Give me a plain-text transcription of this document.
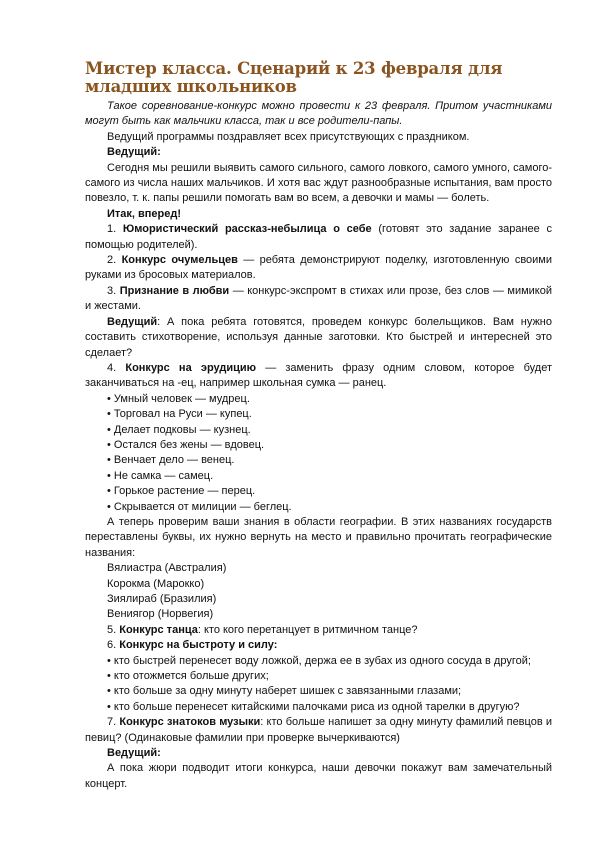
Мистер класса. Сценарий к 23 февраля для младших школьников

Такое соревнование-конкурс можно провести к 23 февраля. Притом участниками могут быть как мальчики класса, так и все родители-папы.

Ведущий программы поздравляет всех присутствующих с праздником.

Ведущий:

Сегодня мы решили выявить самого сильного, самого ловкого, самого умного, самого-самого из числа наших мальчиков. И хотя вас ждут разнообразные испытания, вам просто повезло, т. к. папы решили помогать вам во всем, а девочки и мамы — болеть.

Итак, вперед!

1. Юмористический рассказ-небылица о себе (готовят это задание заранее с помощью родителей).

2. Конкурс очумельцев — ребята демонстрируют поделку, изготовленную своими руками из бросовых материалов.

3. Признание в любви — конкурс-экспромт в стихах или прозе, без слов — мимикой и жестами.

Ведущий: А пока ребята готовятся, проведем конкурс болельщиков. Вам нужно составить стихотворение, используя данные заготовки. Кто быстрей и интересней это сделает?

4. Конкурс на эрудицию — заменить фразу одним словом, которое будет заканчиваться на -ец, например школьная сумка — ранец.

• Умный человек — мудрец.

• Торговал на Руси — купец.

• Делает подковы — кузнец.

• Остался без жены — вдовец.

• Венчает дело — венец.

• Не самка — самец.

• Горькое растение — перец.

• Скрывается от милиции — беглец.

А теперь проверим ваши знания в области географии. В этих названиях государств переставлены буквы, их нужно вернуть на место и правильно прочитать географические названия:

Вялиастра (Австралия)

Корокма (Марокко)

Зиялираб (Бразилия)

Вениягор (Норвегия)

5. Конкурс танца: кто кого перетанцует в ритмичном танце?

6. Конкурс на быстроту и силу:

• кто быстрей перенесет воду ложкой, держа ее в зубах из одного сосуда в другой;

• кто отожмется больше других;

• кто больше за одну минуту наберет шишек с завязанными глазами;

• кто больше перенесет китайскими палочками риса из одной тарелки в другую?

7. Конкурс знатоков музыки: кто больше напишет за одну минуту фамилий певцов и певиц? (Одинаковые фамилии при проверке вычеркиваются)

Ведущий:

А пока жюри подводит итоги конкурса, наши девочки покажут вам замечательный концерт.
